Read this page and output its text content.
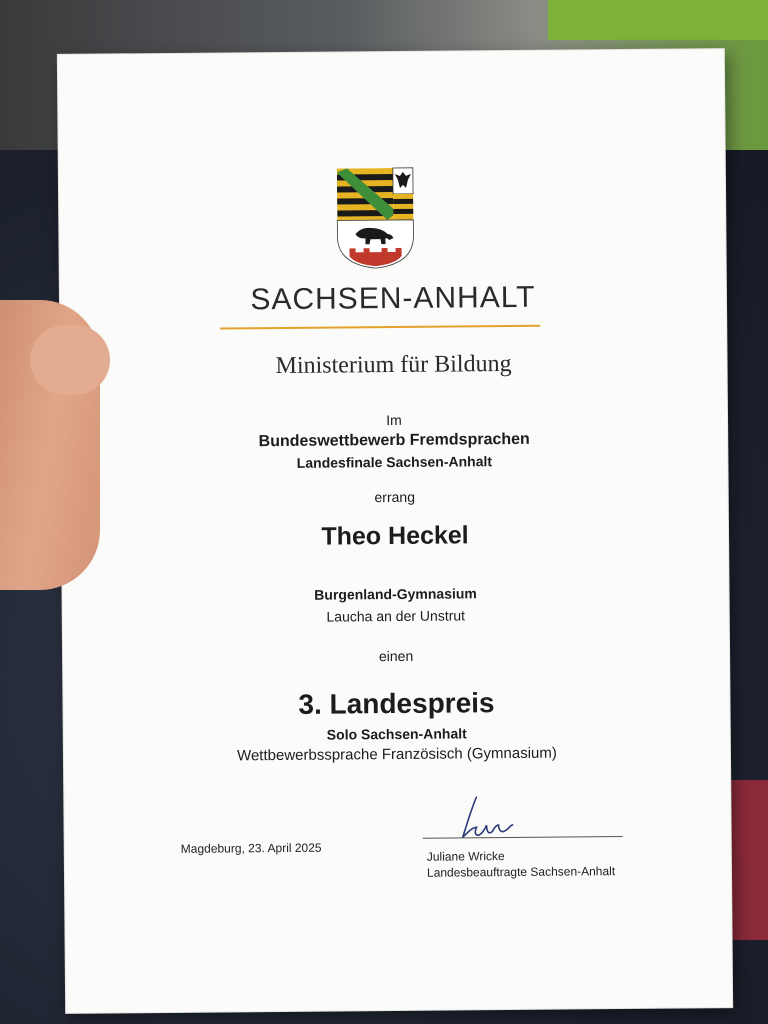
SACHSEN-ANHALT
Ministerium für Bildung
Im
Bundeswettbewerb Fremdsprachen
Landesfinale Sachsen-Anhalt
errang
Theo Heckel
Burgenland-Gymnasium
Laucha an der Unstrut
einen
3. Landespreis
Solo Sachsen-Anhalt
Wettbewerbssprache Französisch (Gymnasium)
Magdeburg, 23. April 2025
Juliane Wricke
Landesbeauftragte Sachsen-Anhalt
